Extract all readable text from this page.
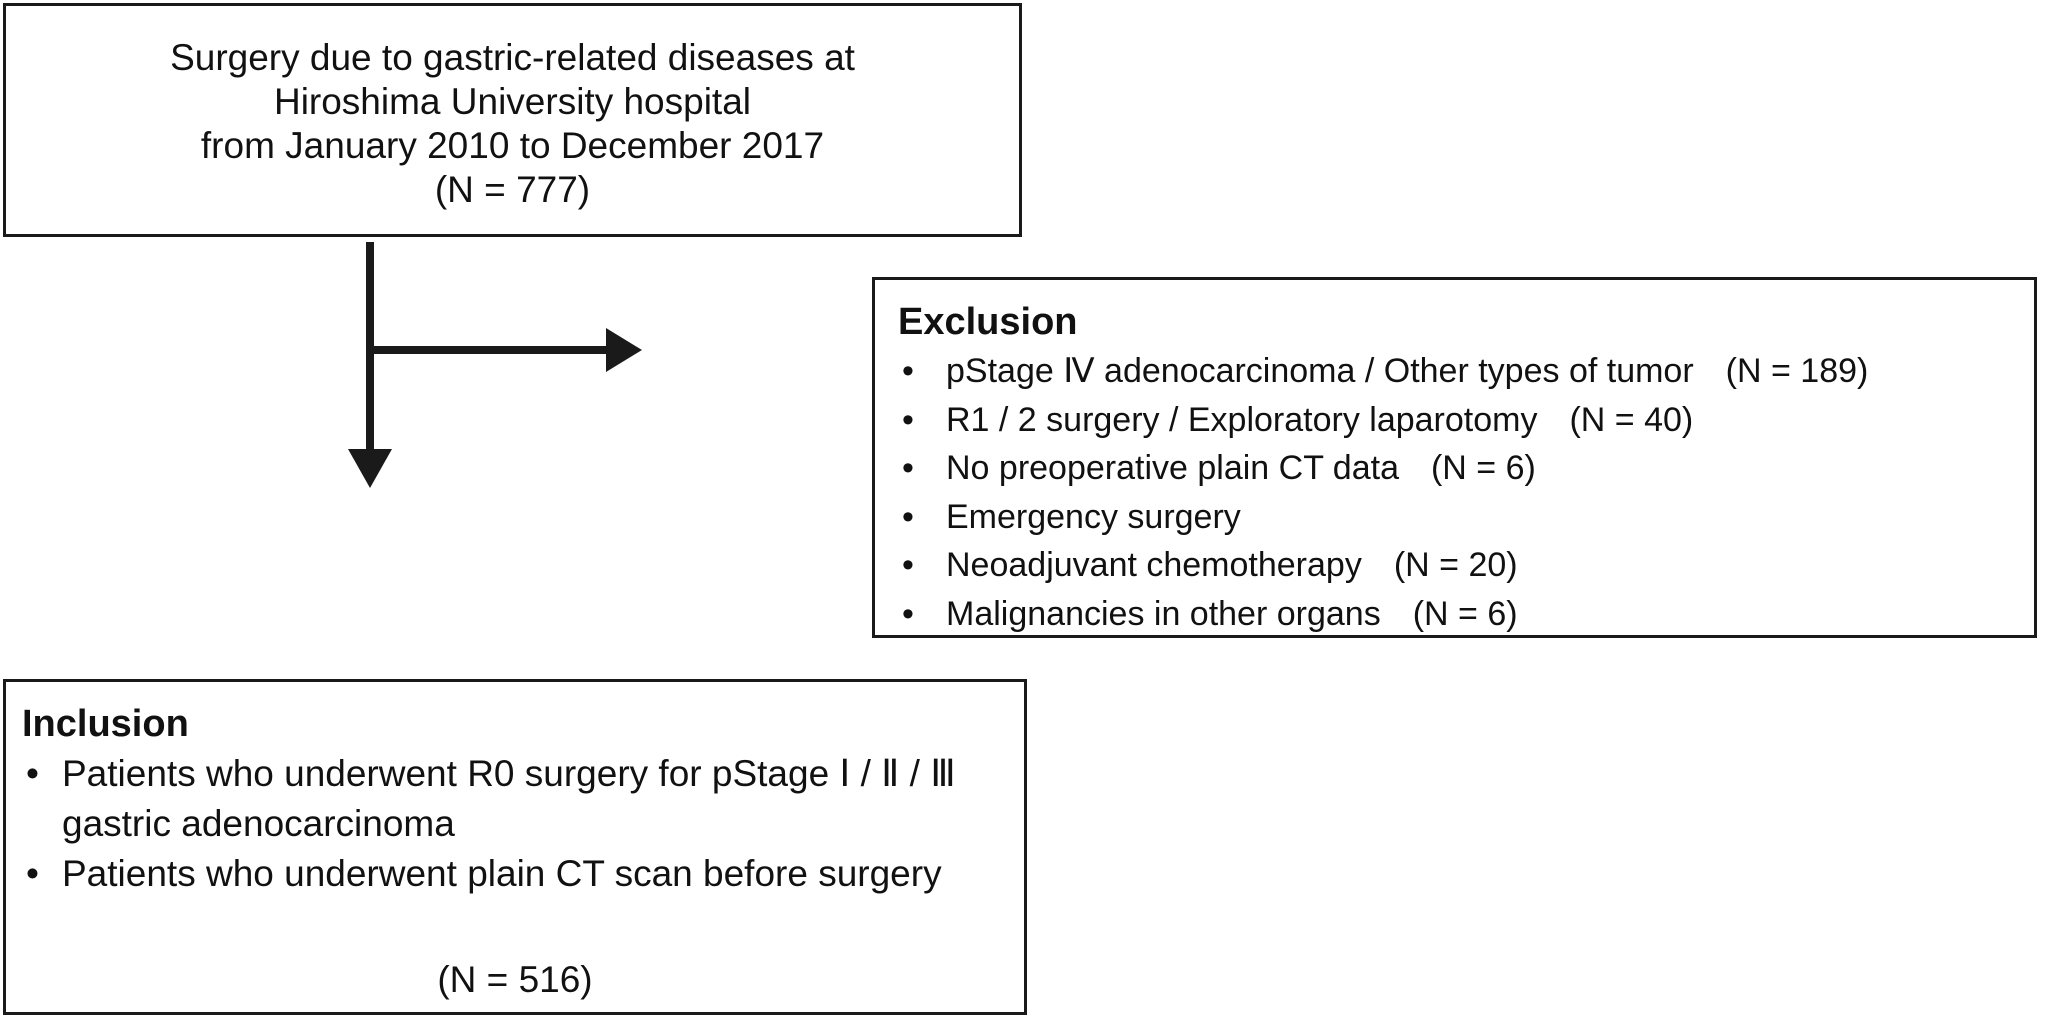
Surgery due to gastric-related diseases at
Hiroshima University hospital
from January 2010 to December 2017
(N = 777)
Exclusion
• pStage Ⅳ adenocarcinoma / Other types of tumor (N = 189)
• R1 / 2 surgery / Exploratory laparotomy (N = 40)
• No preoperative plain CT data (N = 6)
• Emergency surgery
• Neoadjuvant chemotherapy (N = 20)
• Malignancies in other organs (N = 6)
Inclusion
• Patients who underwent R0 surgery for pStage Ⅰ / Ⅱ / Ⅲ gastric adenocarcinoma
• Patients who underwent plain CT scan before surgery
(N = 516)
